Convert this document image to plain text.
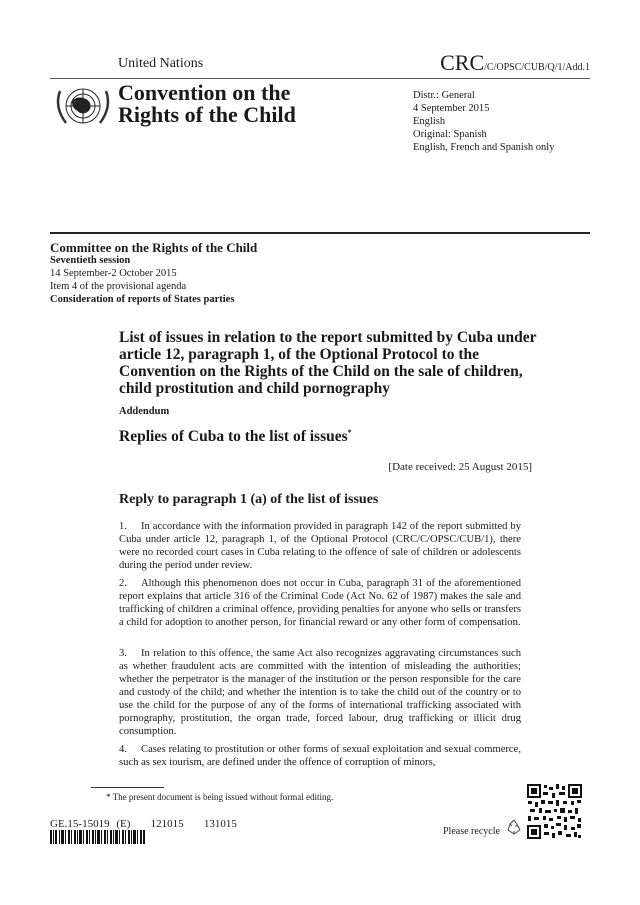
United Nations	CRC/C/OPSC/CUB/Q/1/Add.1
Convention on the
Rights of the Child
Distr.: General
4 September 2015
English
Original: Spanish
English, French and Spanish only
Committee on the Rights of the Child
Seventieth session
14 September-2 October 2015
Item 4 of the provisional agenda
Consideration of reports of States parties
List of issues in relation to the report submitted by Cuba under article 12, paragraph 1, of the Optional Protocol to the Convention on the Rights of the Child on the sale of children, child prostitution and child pornography
Addendum
Replies of Cuba to the list of issues*
[Date received: 25 August 2015]
Reply to paragraph 1 (a) of the list of issues
1. In accordance with the information provided in paragraph 142 of the report submitted by Cuba under article 12, paragraph 1, of the Optional Protocol (CRC/C/OPSC/CUB/1), there were no recorded court cases in Cuba relating to the offence of sale of children or adolescents during the period under review.
2. Although this phenomenon does not occur in Cuba, paragraph 31 of the aforementioned report explains that article 316 of the Criminal Code (Act No. 62 of 1987) makes the sale and trafficking of children a criminal offence, providing penalties for anyone who sells or transfers a child for adoption to another person, for financial reward or any other form of compensation.
3. In relation to this offence, the same Act also recognizes aggravating circumstances such as whether fraudulent acts are committed with the intention of misleading the authorities; whether the perpetrator is the manager of the institution or the person responsible for the care and custody of the child; and whether the intention is to take the child out of the country or to use the child for the purpose of any of the forms of international trafficking associated with pornography, prostitution, the organ trade, forced labour, drug trafficking or illicit drug consumption.
4. Cases relating to prostitution or other forms of sexual exploitation and sexual commerce, such as sex tourism, are defined under the offence of corruption of minors,
* The present document is being issued without formal editing.
GE.15-15019 (E)   121015   131015
Please recycle
